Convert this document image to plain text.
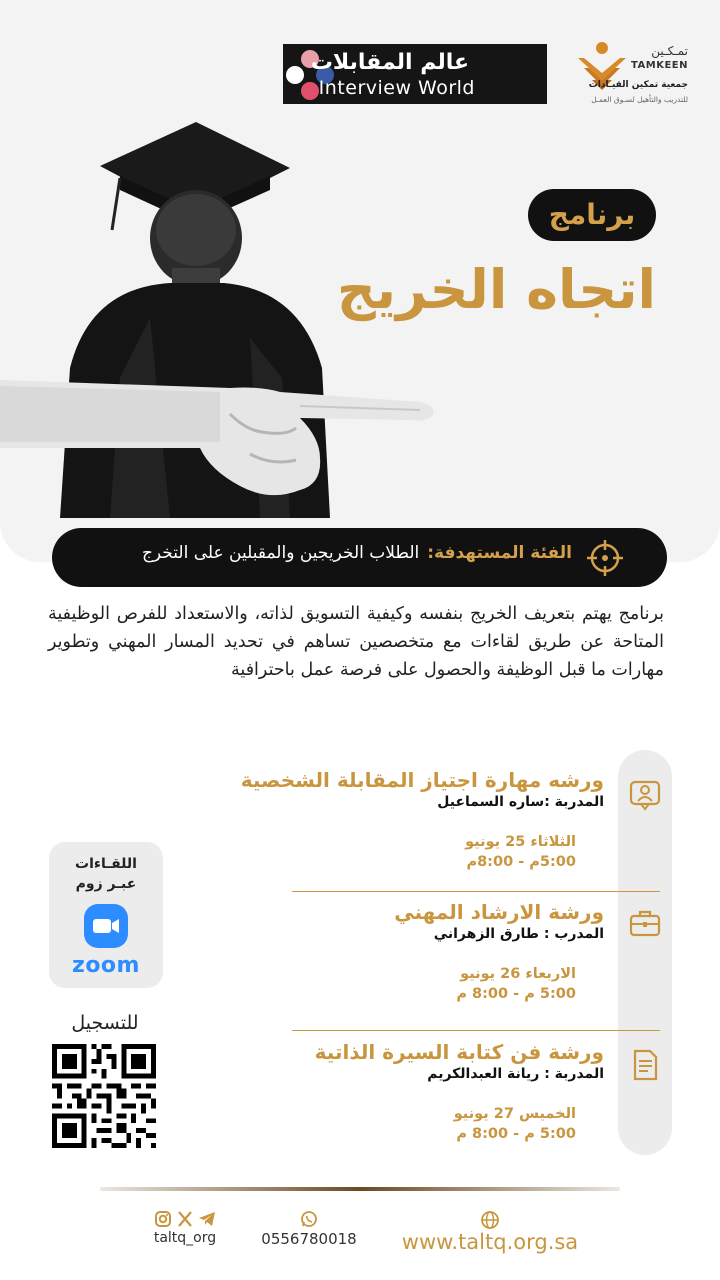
عالم المقابلات
Interview World
تمـكـين
TAMKEEN
جمعية تمكين القيـادات
للتدريب والتأهيل لسـوق العمـل
برنامج
اتجاه الخريج
الفئة المستهدفة:الطلاب الخريجين والمقبلين على التخرج
برنامج يهتم بتعريف الخريج بنفسه وكيفية التسويق لذاته، والاستعداد للفرص الوظيفية المتاحة عن طريق لقاءات مع متخصصين تساهم في تحديد المسار المهني وتطوير مهارات ما قبل الوظيفة والحصول على فرصة عمل باحترافية
ورشه مهارة اجتياز المقابلة الشخصية
المدربة :ساره السماعيل
الثلاثاء 25 يونيو
5:00م - 8:00م
ورشة الارشاد المهني
المدرب : طارق الزهراني
الاربعاء 26 يونيو
5:00 م - 8:00 م
ورشة فن كتابة السيرة الذاتية
المدربة : ريانة العبدالكريم
الخميس 27 يونيو
5:00 م - 8:00 م
اللقـاءات
عبـر زوم
zoom
للتسجيل
taltq_org	0556780018	www.taltq.org.sa
